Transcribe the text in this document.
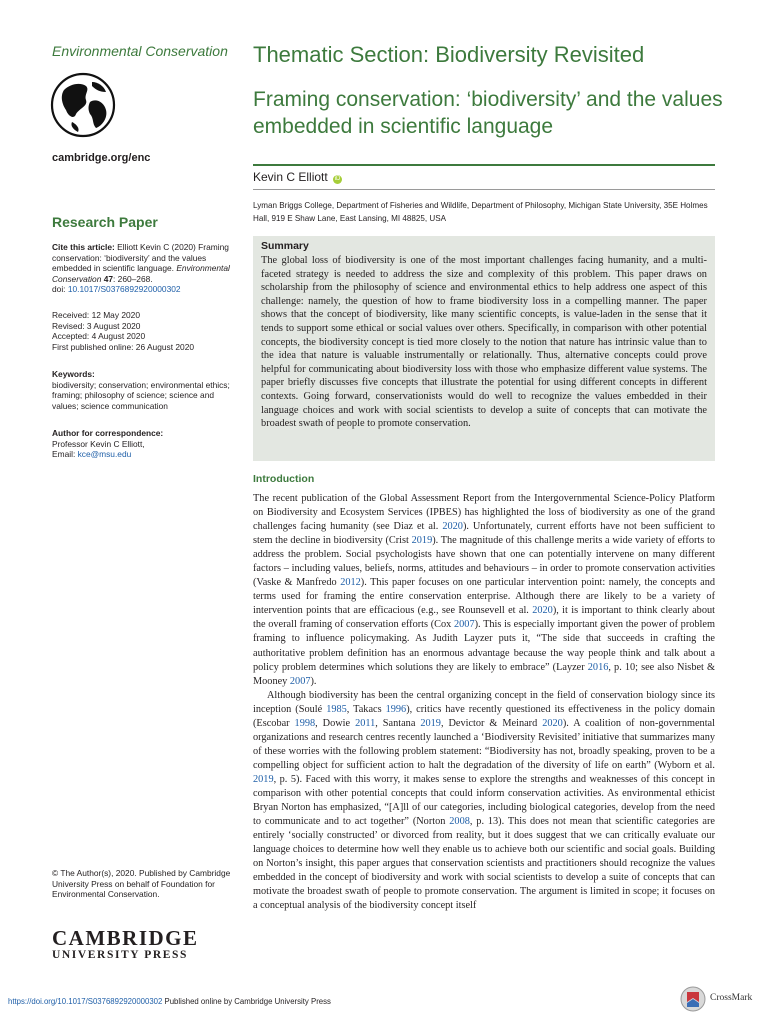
Environmental Conservation
cambridge.org/enc
Research Paper
Cite this article: Elliott Kevin C (2020) Framing conservation: ‘biodiversity’ and the values embedded in scientific language. Environmental Conservation 47: 260–268.
doi: 10.1017/S0376892920000302
Received: 12 May 2020
Revised: 3 August 2020
Accepted: 4 August 2020
First published online: 26 August 2020
Keywords:
biodiversity; conservation; environmental ethics; framing; philosophy of science; science and values; science communication
Author for correspondence:
Professor Kevin C Elliott,
Email: kce@msu.edu
© The Author(s), 2020. Published by Cambridge University Press on behalf of Foundation for Environmental Conservation.
CAMBRIDGE
UNIVERSITY PRESS
Thematic Section: Biodiversity Revisited
Framing conservation: ‘biodiversity’ and the values embedded in scientific language
Kevin C Elliott iD
Lyman Briggs College, Department of Fisheries and Wildlife, Department of Philosophy, Michigan State University, 35E Holmes Hall, 919 E Shaw Lane, East Lansing, MI 48825, USA
Summary
The global loss of biodiversity is one of the most important challenges facing humanity, and a multi-faceted strategy is needed to address the size and complexity of this problem. This paper draws on scholarship from the philosophy of science and environmental ethics to help address one aspect of this challenge: namely, the question of how to frame biodiversity loss in a compelling manner. The paper shows that the concept of biodiversity, like many scientific concepts, is value-laden in the sense that it tends to support some ethical or social values over others. Specifically, in comparison with other potential concepts, the biodiversity concept is tied more closely to the notion that nature has intrinsic value than to the idea that nature is valuable instrumentally or relationally. Thus, alternative concepts could prove helpful for communicating about biodiversity loss with those who emphasize different value systems. The paper briefly discusses five concepts that illustrate the potential for using different concepts in different contexts. Going forward, conservationists would do well to recognize the values embedded in their language choices and work with social scientists to develop a suite of concepts that can motivate the broadest swath of people to promote conservation.
Introduction

The recent publication of the Global Assessment Report from the Intergovernmental Science-Policy Platform on Biodiversity and Ecosystem Services (IPBES) has highlighted the loss of biodiversity as one of the grand challenges facing humanity (see Diaz et al. 2020). Unfortunately, current efforts have not been sufficient to stem the decline in biodiversity (Crist 2019). The magnitude of this challenge merits a wide variety of efforts to address the problem. Social psychologists have shown that one can potentially intervene on many different factors – including values, beliefs, norms, attitudes and behaviours – in order to promote conservation activities (Vaske & Manfredo 2012). This paper focuses on one particular intervention point: namely, the concepts and terms used for framing the entire conservation enterprise. Although there are likely to be a variety of intervention points that are efficacious (e.g., see Rounsevell et al. 2020), it is important to think clearly about the overall framing of conservation efforts (Cox 2007). This is especially important given the power of problem framing to influence policymaking. As Judith Layzer puts it, “The side that succeeds in crafting the authoritative problem definition has an enormous advantage because the way people think and talk about a policy problem determines which solutions they are likely to embrace” (Layzer 2016, p. 10; see also Nisbet & Mooney 2007).

Although biodiversity has been the central organizing concept in the field of conservation biology since its inception (Soulé 1985, Takacs 1996), critics have recently questioned its effectiveness in the policy domain (Escobar 1998, Dowie 2011, Santana 2019, Devictor & Meinard 2020). A coalition of non-governmental organizations and research centres recently launched a ‘Biodiversity Revisited’ initiative that summarizes many of these worries with the following problem statement: “Biodiversity has not, broadly speaking, proven to be a compelling object for sufficient action to halt the degradation of the diversity of life on earth” (Wyborn et al. 2019, p. 5). Faced with this worry, it makes sense to explore the strengths and weaknesses of this concept in comparison with other potential concepts that could inform conservation activities. As environmental ethicist Bryan Norton has emphasized, “[A]ll of our categories, including biological categories, develop from the need to communicate and to act together” (Norton 2008, p. 13). This does not mean that scientific categories are entirely ‘socially constructed’ or divorced from reality, but it does suggest that we can critically evaluate our language choices to determine how well they enable us to achieve both our scientific and social goals. Building on Norton’s insight, this paper argues that conservation scientists and practitioners should recognize the values embedded in the concept of biodiversity and work with social scientists to develop a suite of concepts that can motivate the broadest swath of people to promote conservation. The argument is limited in scope; it focuses on a conceptual analysis of the biodiversity concept itself

https://doi.org/10.1017/S0376892920000302 Published online by Cambridge University Press	CrossMark
